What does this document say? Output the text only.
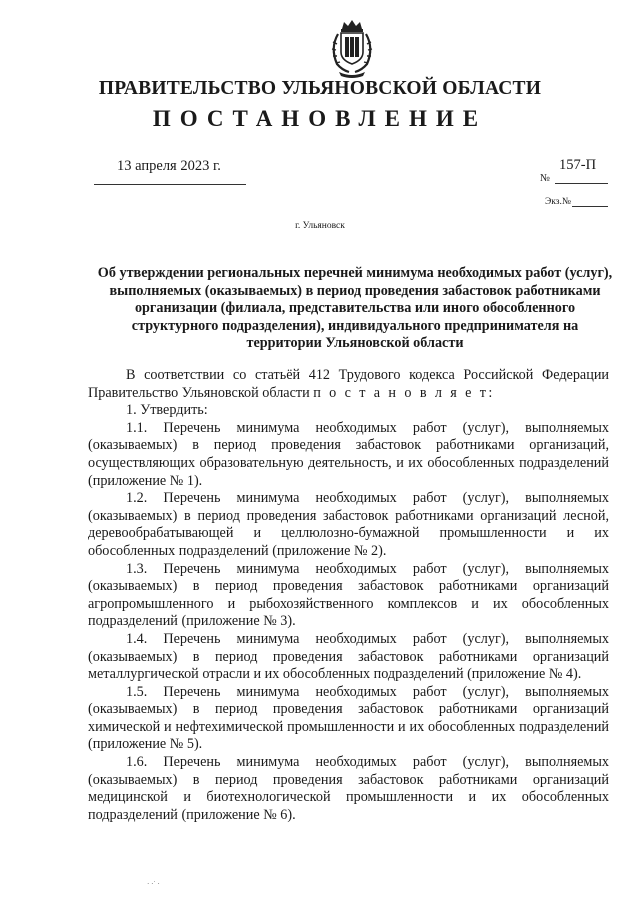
ПРАВИТЕЛЬСТВО УЛЬЯНОВСКОЙ ОБЛАСТИ
ПОСТАНОВЛЕНИЕ
13 апреля 2023 г.	157-П
№
Экз.№
г. Ульяновск
Об утверждении региональных перечней минимума необходимых работ (услуг), выполняемых (оказываемых) в период проведения забастовок работниками организации (филиала, представительства или иного обособленного структурного подразделения), индивидуального предпринимателя на территории Ульяновской области

В соответствии со статьёй 412 Трудового кодекса Российской Федерации Правительство Ульяновской области п о с т а н о в л я е т:

1. Утвердить:

1.1. Перечень минимума необходимых работ (услуг), выполняемых (оказываемых) в период проведения забастовок работниками организаций, осуществляющих образовательную деятельность, и их обособленных подразделений (приложение № 1).

1.2. Перечень минимума необходимых работ (услуг), выполняемых (оказываемых) в период проведения забастовок работниками организаций лесной, деревообрабатывающей и целлюлозно-бумажной промышленности и их обособленных подразделений (приложение № 2).

1.3. Перечень минимума необходимых работ (услуг), выполняемых (оказываемых) в период проведения забастовок работниками организаций агропромышленного и рыбохозяйственного комплексов и их обособленных подразделений (приложение № 3).

1.4. Перечень минимума необходимых работ (услуг), выполняемых (оказываемых) в период проведения забастовок работниками организаций металлургической отрасли и их обособленных подразделений (приложение № 4).

1.5. Перечень минимума необходимых работ (услуг), выполняемых (оказываемых) в период проведения забастовок работниками организаций химической и нефтехимической промышленности и их обособленных подразделений (приложение № 5).

1.6. Перечень минимума необходимых работ (услуг), выполняемых (оказываемых) в период проведения забастовок работниками организаций медицинской и биотехнологической промышленности и их обособленных подразделений (приложение № 6).

· ·˙ ·
